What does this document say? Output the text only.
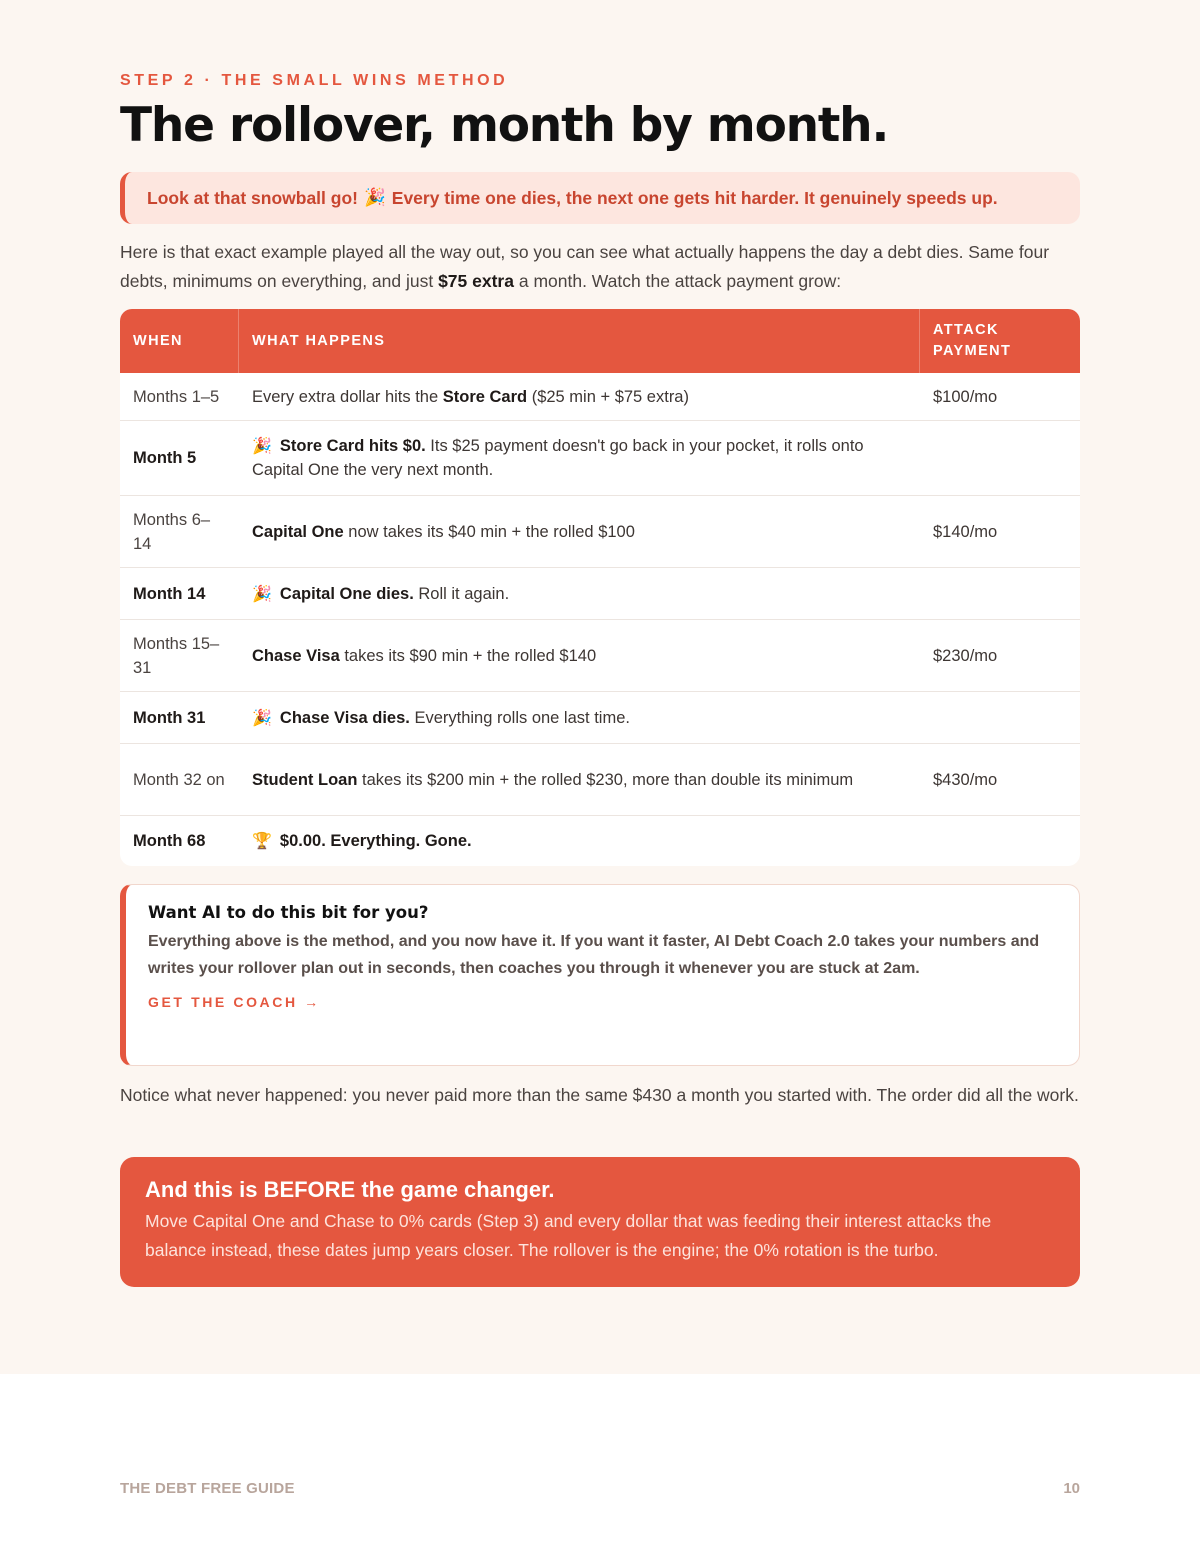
STEP 2 · THE SMALL WINS METHOD
The rollover, month by month.
Look at that snowball go! 🎉 Every time one dies, the next one gets hit harder. It genuinely speeds up.

Here is that exact example played all the way out, so you can see what actually happens the day a debt dies. Same four debts, minimums on everything, and just $75 extra a month. Watch the attack payment grow:

WHEN	WHAT HAPPENS	ATTACK PAYMENT

Months 1–5	Every extra dollar hits the Store Card ($25 min + $75 extra)	$100/mo
Month 5	🎉 Store Card hits $0. Its $25 payment doesn't go back in your pocket, it rolls onto Capital One the very next month.	
Months 6–14	Capital One now takes its $40 min + the rolled $100	$140/mo
Month 14	🎉 Capital One dies. Roll it again.	
Months 15–31	Chase Visa takes its $90 min + the rolled $140	$230/mo
Month 31	🎉 Chase Visa dies. Everything rolls one last time.	
Month 32 on	Student Loan takes its $200 min + the rolled $230, more than double its minimum	$430/mo
Month 68	🏆 $0.00. Everything. Gone.	
Want AI to do this bit for you?
Everything above is the method, and you now have it. If you want it faster, AI Debt Coach 2.0 takes your numbers and writes your rollover plan out in seconds, then coaches you through it whenever you are stuck at 2am.
GET THE COACH →

Notice what never happened: you never paid more than the same $430 a month you started with. The order did all the work.

And this is BEFORE the game changer.
Move Capital One and Chase to 0% cards (Step 3) and every dollar that was feeding their interest attacks the balance instead, these dates jump years closer. The rollover is the engine; the 0% rotation is the turbo.
THE DEBT FREE GUIDE	10
